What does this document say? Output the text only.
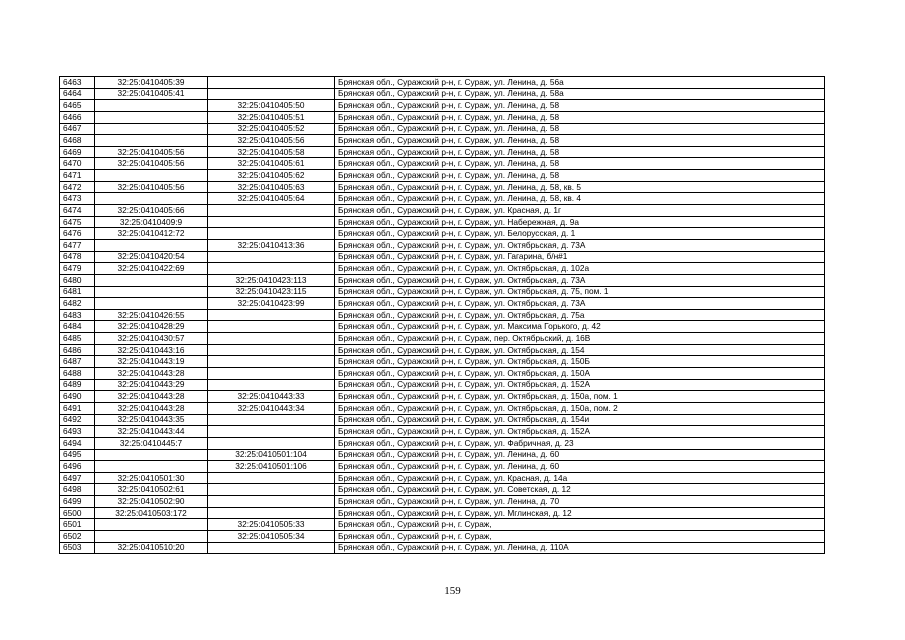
6463	32:25:0410405:39		Брянская обл., Суражский р-н, г. Сураж, ул. Ленина, д. 56а
6464	32:25:0410405:41		Брянская обл., Суражский р-н, г. Сураж, ул. Ленина, д. 58а
6465		32:25:0410405:50	Брянская обл., Суражский р-н, г. Сураж, ул. Ленина, д. 58
6466		32:25:0410405:51	Брянская обл., Суражский р-н, г. Сураж, ул. Ленина, д. 58
6467		32:25:0410405:52	Брянская обл., Суражский р-н, г. Сураж, ул. Ленина, д. 58
6468		32:25:0410405:56	Брянская обл., Суражский р-н, г. Сураж, ул. Ленина, д. 58
6469	32:25:0410405:56	32:25:0410405:58	Брянская обл., Суражский р-н, г. Сураж, ул. Ленина, д. 58
6470	32:25:0410405:56	32:25:0410405:61	Брянская обл., Суражский р-н, г. Сураж, ул. Ленина, д. 58
6471		32:25:0410405:62	Брянская обл., Суражский р-н, г. Сураж, ул. Ленина, д. 58
6472	32:25:0410405:56	32:25:0410405:63	Брянская обл., Суражский р-н, г. Сураж, ул. Ленина, д. 58, кв. 5
6473		32:25:0410405:64	Брянская обл., Суражский р-н, г. Сураж, ул. Ленина, д. 58, кв. 4
6474	32:25:0410405:66		Брянская обл., Суражский р-н, г. Сураж, ул. Красная, д. 1г
6475	32:25:0410409:9		Брянская обл., Суражский р-н, г. Сураж, ул. Набережная, д. 9а
6476	32:25:0410412:72		Брянская обл., Суражский р-н, г. Сураж, ул. Белорусская, д. 1
6477		32:25:0410413:36	Брянская обл., Суражский р-н, г. Сураж, ул. Октябрьская, д. 73А
6478	32:25:0410420:54		Брянская обл., Суражский р-н, г. Сураж, ул. Гагарина, б/н#1
6479	32:25:0410422:69		Брянская обл., Суражский р-н, г. Сураж, ул. Октябрьская, д. 102а
6480		32:25:0410423:113	Брянская обл., Суражский р-н, г. Сураж, ул. Октябрьская, д. 73А
6481		32:25:0410423:115	Брянская обл., Суражский р-н, г. Сураж, ул. Октябрьская, д. 75, пом. 1
6482		32:25:0410423:99	Брянская обл., Суражский р-н, г. Сураж, ул. Октябрьская, д. 73А
6483	32:25:0410426:55		Брянская обл., Суражский р-н, г. Сураж, ул. Октябрьская, д. 75а
6484	32:25:0410428:29		Брянская обл., Суражский р-н, г. Сураж, ул. Максима Горького, д. 42
6485	32:25:0410430:57		Брянская обл., Суражский р-н, г. Сураж, пер. Октябрьский, д. 16В
6486	32:25:0410443:16		Брянская обл., Суражский р-н, г. Сураж, ул. Октябрьская, д. 154
6487	32:25:0410443:19		Брянская обл., Суражский р-н, г. Сураж, ул. Октябрьская, д. 150Б
6488	32:25:0410443:28		Брянская обл., Суражский р-н, г. Сураж, ул. Октябрьская, д. 150А
6489	32:25:0410443:29		Брянская обл., Суражский р-н, г. Сураж, ул. Октябрьская, д. 152А
6490	32:25:0410443:28	32:25:0410443:33	Брянская обл., Суражский р-н, г. Сураж, ул. Октябрьская, д. 150а, пом. 1
6491	32:25:0410443:28	32:25:0410443:34	Брянская обл., Суражский р-н, г. Сураж, ул. Октябрьская, д. 150а, пом. 2
6492	32:25:0410443:35		Брянская обл., Суражский р-н, г. Сураж, ул. Октябрьская, д. 154и
6493	32:25:0410443:44		Брянская обл., Суражский р-н, г. Сураж, ул. Октябрьская, д. 152А
6494	32:25:0410445:7		Брянская обл., Суражский р-н, г. Сураж, ул. Фабричная, д. 23
6495		32:25:0410501:104	Брянская обл., Суражский р-н, г. Сураж, ул. Ленина, д. 60
6496		32:25:0410501:106	Брянская обл., Суражский р-н, г. Сураж, ул. Ленина, д. 60
6497	32:25:0410501:30		Брянская обл., Суражский р-н, г. Сураж, ул. Красная, д. 14а
6498	32:25:0410502:61		Брянская обл., Суражский р-н, г. Сураж, ул. Советская, д. 12
6499	32:25:0410502:90		Брянская обл., Суражский р-н, г. Сураж, ул. Ленина, д. 70
6500	32:25:0410503:172		Брянская обл., Суражский р-н, г. Сураж, ул. Мглинская, д. 12
6501		32:25:0410505:33	Брянская обл., Суражский р-н, г. Сураж,
6502		32:25:0410505:34	Брянская обл., Суражский р-н, г. Сураж,
6503	32:25:0410510:20		Брянская обл., Суражский р-н, г. Сураж, ул. Ленина, д. 110А
159
